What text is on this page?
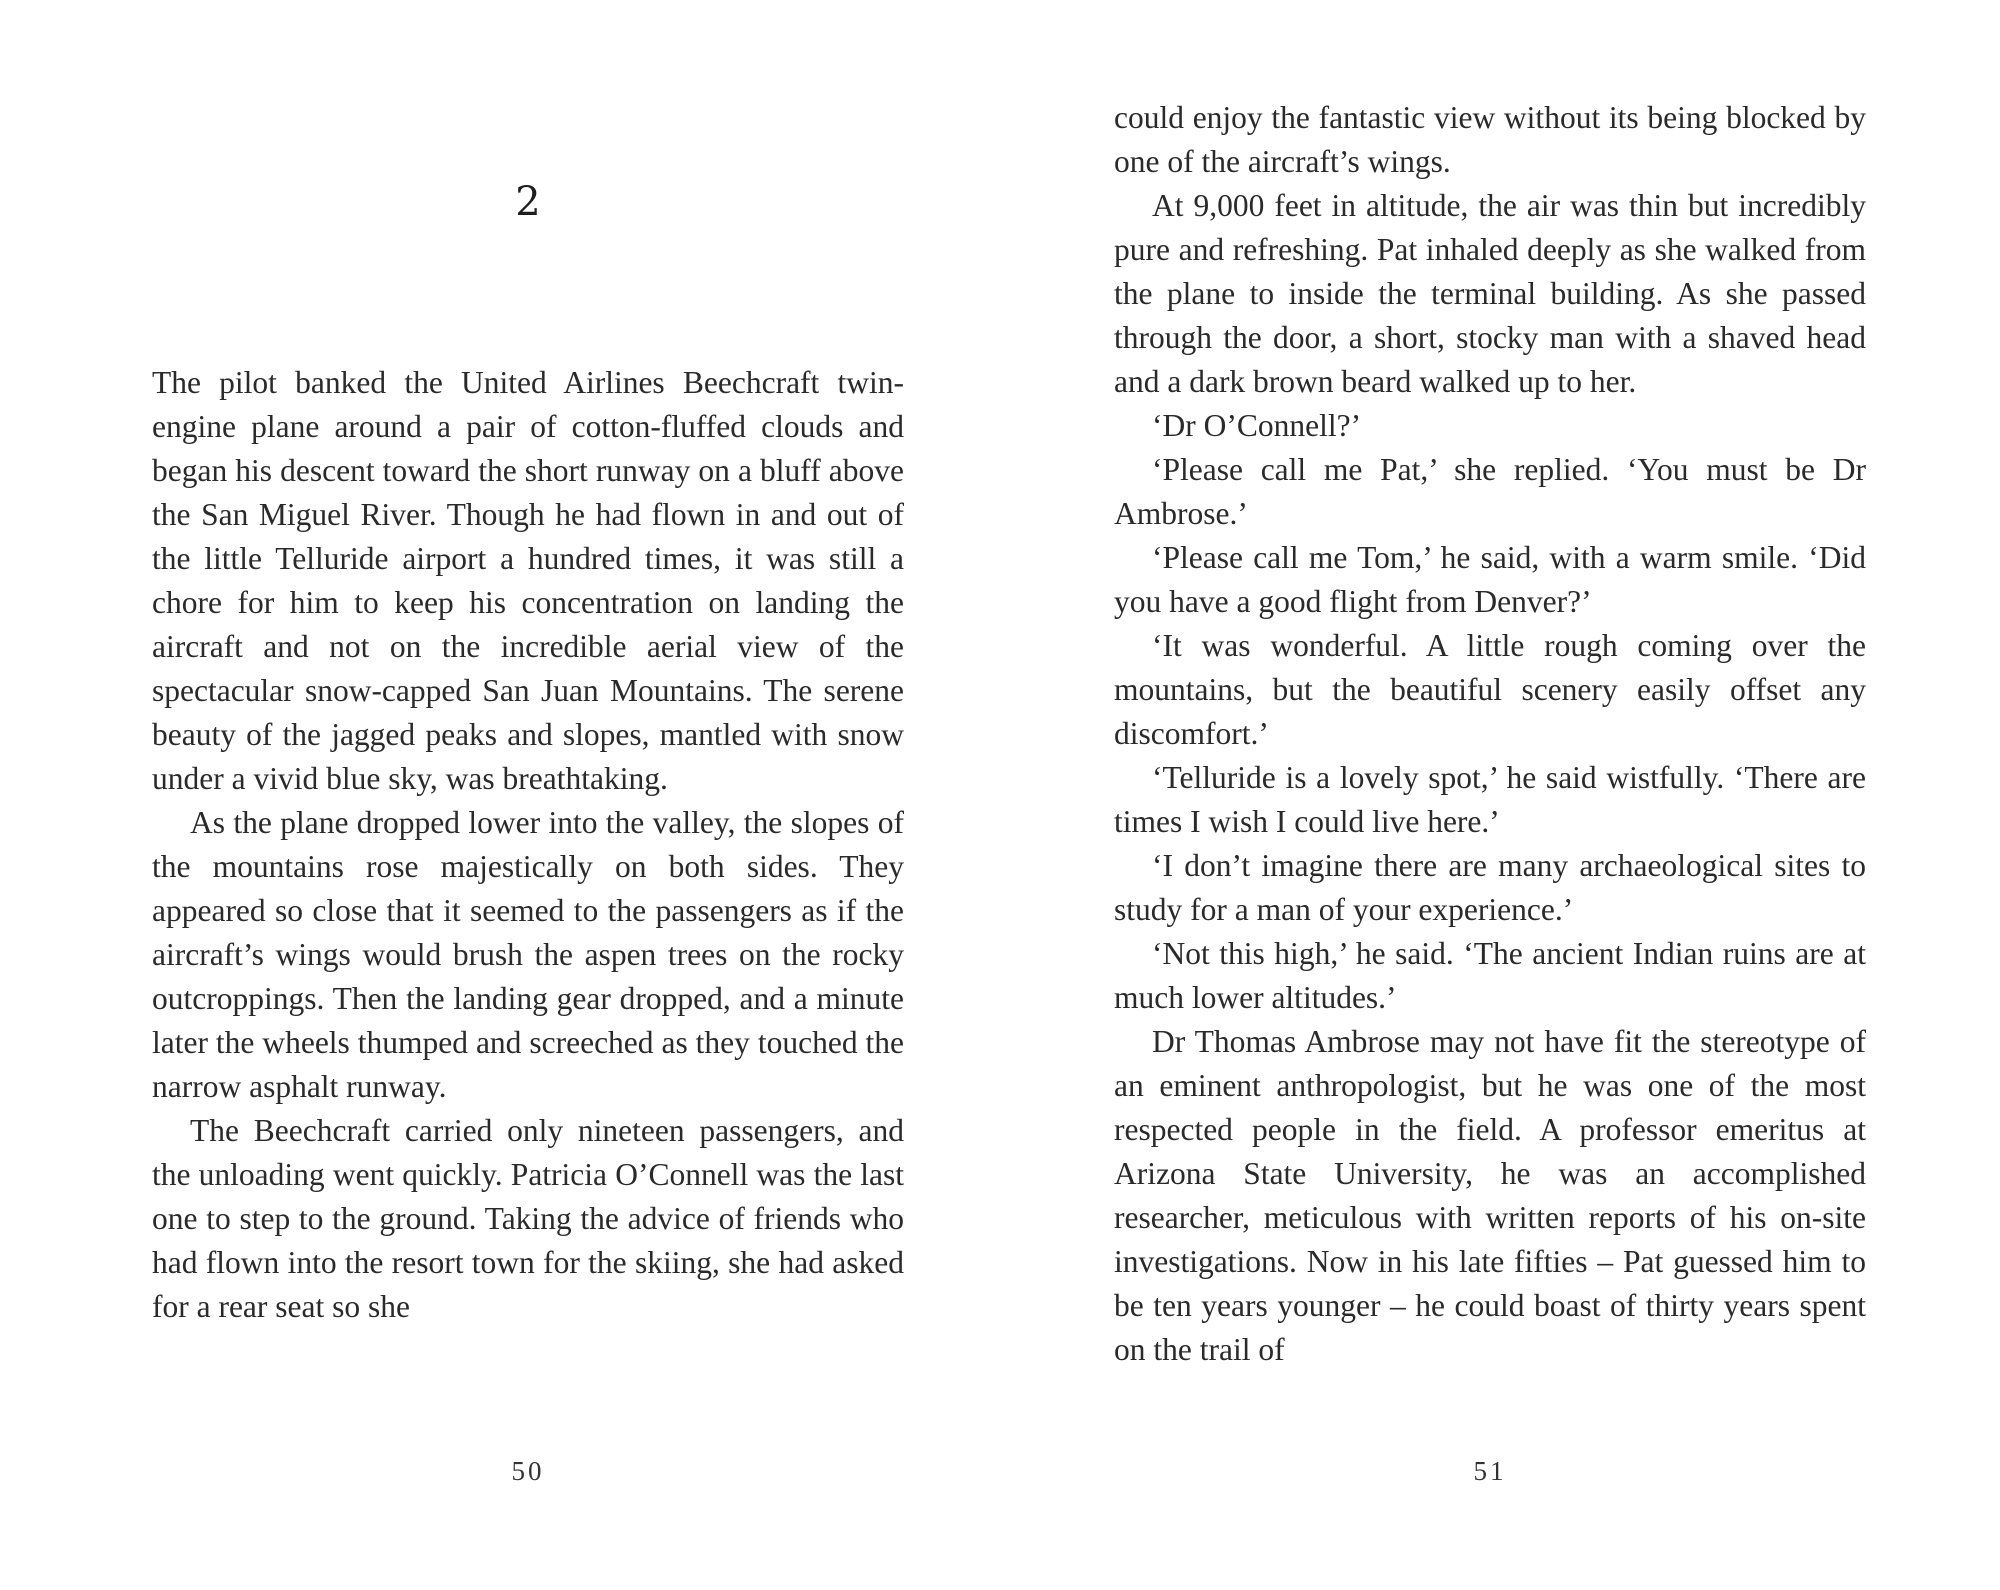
2

The pilot banked the United Airlines Beechcraft twin-engine plane around a pair of cotton-fluffed clouds and began his descent toward the short runway on a bluff above the San Miguel River. Though he had flown in and out of the little Telluride airport a hundred times, it was still a chore for him to keep his concentration on landing the aircraft and not on the incredible aerial view of the spectacular snow-capped San Juan Mountains. The serene beauty of the jagged peaks and slopes, mantled with snow under a vivid blue sky, was breathtaking.

As the plane dropped lower into the valley, the slopes of the mountains rose majestically on both sides. They appeared so close that it seemed to the passengers as if the aircraft’s wings would brush the aspen trees on the rocky outcroppings. Then the landing gear dropped, and a minute later the wheels thumped and screeched as they touched the narrow asphalt runway.

The Beechcraft carried only nineteen passengers, and the unloading went quickly. Patricia O’Connell was the last one to step to the ground. Taking the advice of friends who had flown into the resort town for the skiing, she had asked for a rear seat so she

50

could enjoy the fantastic view without its being blocked by one of the aircraft’s wings.

At 9,000 feet in altitude, the air was thin but incredibly pure and refreshing. Pat inhaled deeply as she walked from the plane to inside the terminal building. As she passed through the door, a short, stocky man with a shaved head and a dark brown beard walked up to her.

‘Dr O’Connell?’

‘Please call me Pat,’ she replied. ‘You must be Dr Ambrose.’

‘Please call me Tom,’ he said, with a warm smile. ‘Did you have a good flight from Denver?’

‘It was wonderful. A little rough coming over the mountains, but the beautiful scenery easily offset any discomfort.’

‘Telluride is a lovely spot,’ he said wistfully. ‘There are times I wish I could live here.’

‘I don’t imagine there are many archaeological sites to study for a man of your experience.’

‘Not this high,’ he said. ‘The ancient Indian ruins are at much lower altitudes.’

Dr Thomas Ambrose may not have fit the stereotype of an eminent anthropologist, but he was one of the most respected people in the field. A professor emeritus at Arizona State University, he was an accomplished researcher, meticulous with written reports of his on-site investigations. Now in his late fifties – Pat guessed him to be ten years younger – he could boast of thirty years spent on the trail of

51
